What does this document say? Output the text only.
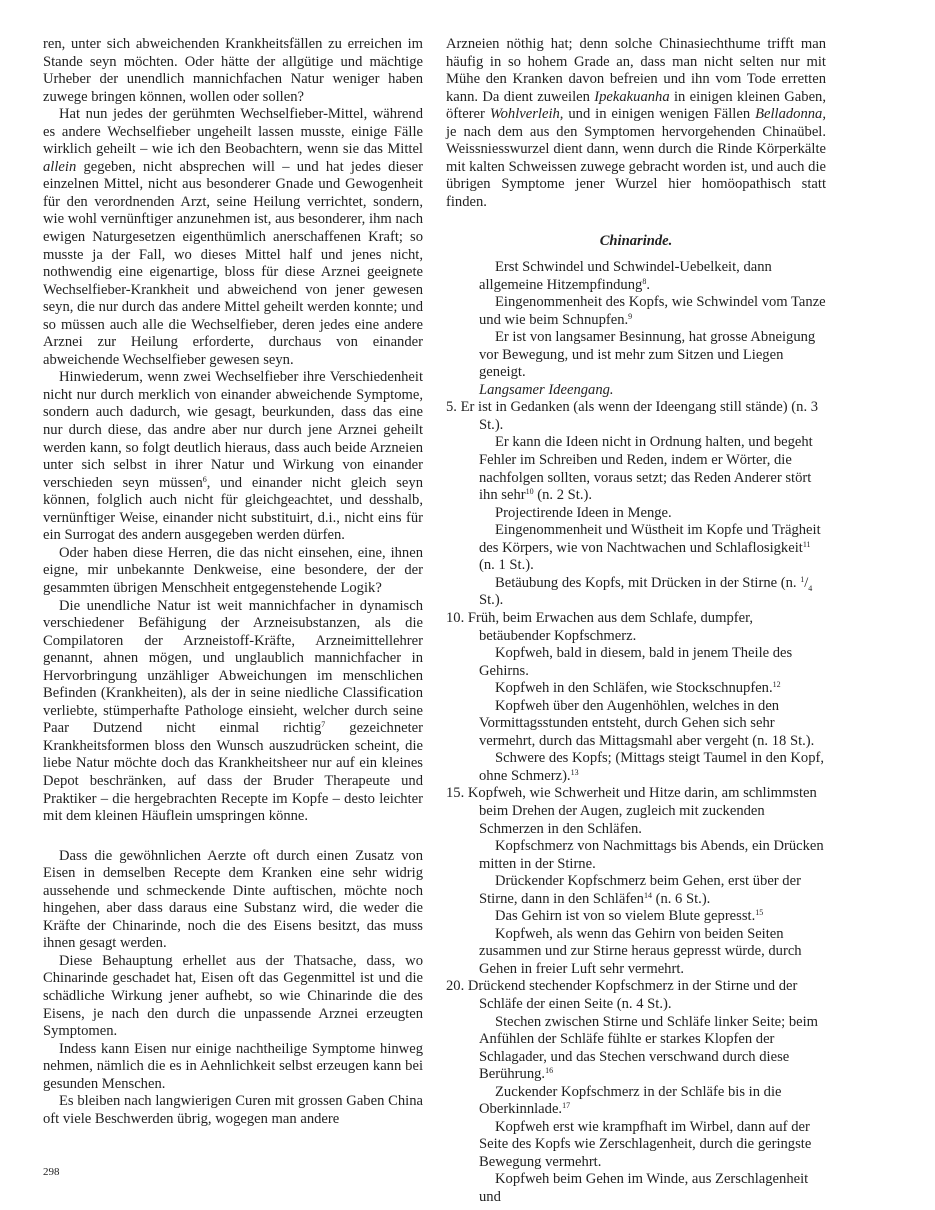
ren, unter sich abweichenden Krankheitsfällen zu erreichen im Stande seyn möchten. Oder hätte der allgütige und mächtige Urheber der unendlich mannichfachen Natur weniger haben zuwege bringen können, wollen oder sollen?

Hat nun jedes der gerühmten Wechselfieber-Mittel, während es andere Wechselfieber ungeheilt lassen musste, einige Fälle wirklich geheilt – wie ich den Beobachtern, wenn sie das Mittel allein gegeben, nicht absprechen will – und hat jedes dieser einzelnen Mittel, nicht aus besonderer Gnade und Gewogenheit für den verordnenden Arzt, seine Heilung verrichtet, sondern, wie wohl vernünftiger anzunehmen ist, aus besonderer, ihm nach ewigen Naturgesetzen eigenthümlich anerschaffenen Kraft; so musste ja der Fall, wo dieses Mittel half und jenes nicht, nothwendig eine eigenartige, bloss für diese Arznei geeignete Wechselfieber-Krankheit und abweichend von jener gewesen seyn, die nur durch das andere Mittel geheilt werden konnte; und so müssen auch alle die Wechselfieber, deren jedes eine andere Arznei zur Heilung erforderte, durchaus von einander abweichende Wechselfieber gewesen seyn.

Hinwiederum, wenn zwei Wechselfieber ihre Verschiedenheit nicht nur durch merklich von einander abweichende Symptome, sondern auch dadurch, wie gesagt, beurkunden, dass das eine nur durch diese, das andre aber nur durch jene Arznei geheilt werden kann, so folgt deutlich hieraus, dass auch beide Arzneien unter sich selbst in ihrer Natur und Wirkung von einander verschieden seyn müssen$^6$, und einander nicht gleich seyn können, folglich auch nicht für gleichgeachtet, und desshalb, vernünftiger Weise, einander nicht substituirt, d.i., nicht eins für ein Surrogat des andern ausgegeben werden dürfen.

Oder haben diese Herren, die das nicht einsehen, eine, ihnen eigne, mir unbekannte Denkweise, eine besondere, der der gesammten übrigen Menschheit entgegenstehende Logik?

Die unendliche Natur ist weit mannichfacher in dynamisch verschiedener Befähigung der Arzneisubstanzen, als die Compilatoren der Arzneistoff-Kräfte, Arzneimittellehrer genannt, ahnen mögen, und unglaublich mannichfacher in Hervorbringung unzähliger Abweichungen im menschlichen Befinden (Krankheiten), als der in seine niedliche Classification verliebte, stümperhafte Pathologe einsieht, welcher durch seine Paar Dutzend nicht einmal richtig$^7$ gezeichneter Krankheitsformen bloss den Wunsch auszudrücken scheint, die liebe Natur möchte doch das Krankheitsheer nur auf ein kleines Depot beschränken, auf dass der Bruder Therapeute und Praktiker – die hergebrachten Recepte im Kopfe – desto leichter mit dem kleinen Häuflein umspringen könne.

Dass die gewöhnlichen Aerzte oft durch einen Zusatz von Eisen in demselben Recepte dem Kranken eine sehr widrig aussehende und schmeckende Dinte auftischen, möchte noch hingehen, aber dass daraus eine Substanz wird, die weder die Kräfte der Chinarinde, noch die des Eisens besitzt, das muss ihnen gesagt werden.

Diese Behauptung erhellet aus der Thatsache, dass, wo Chinarinde geschadet hat, Eisen oft das Gegenmittel ist und die schädliche Wirkung jener aufhebt, so wie Chinarinde die des Eisens, je nach den durch die unpassende Arznei erzeugten Symptomen.

Indess kann Eisen nur einige nachtheilige Symptome hinweg nehmen, nämlich die es in Aehnlichkeit selbst erzeugen kann bei gesunden Menschen.

Es bleiben nach langwierigen Curen mit grossen Gaben China oft viele Beschwerden übrig, wogegen man andere

Arzneien nöthig hat; denn solche Chinasiechthume trifft man häufig in so hohem Grade an, dass man nicht selten nur mit Mühe den Kranken davon befreien und ihn vom Tode erretten kann. Da dient zuweilen Ipekakuanha in einigen kleinen Gaben, öfterer Wohlverleih, und in einigen wenigen Fällen Belladonna, je nach dem aus den Symptomen hervorgehenden Chinaübel. Weissniesswurzel dient dann, wenn durch die Rinde Körperkälte mit kalten Schweissen zuwege gebracht worden ist, und auch die übrigen Symptome jener Wurzel hier homöopathisch statt finden.

Chinarinde.

Erst Schwindel und Schwindel-Uebelkeit, dann allgemeine Hitzempfindung$^8$.

Eingenommenheit des Kopfs, wie Schwindel vom Tanze und wie beim Schnupfen.$^9$

Er ist von langsamer Besinnung, hat grosse Abneigung vor Bewegung, und ist mehr zum Sitzen und Liegen geneigt.

Langsamer Ideengang.

5. Er ist in Gedanken (als wenn der Ideengang still stände) (n. 3 St.).

Er kann die Ideen nicht in Ordnung halten, und begeht Fehler im Schreiben und Reden, indem er Wörter, die nachfolgen sollten, voraus setzt; das Reden Anderer stört ihn sehr$^{10}$ (n. 2 St.).

Projectirende Ideen in Menge.

Eingenommenheit und Wüstheit im Kopfe und Trägheit des Körpers, wie von Nachtwachen und Schlaflosigkeit$^{11}$ (n. 1 St.).

Betäubung des Kopfs, mit Drücken in der Stirne (n. $^1/_4$ St.).

10. Früh, beim Erwachen aus dem Schlafe, dumpfer, betäubender Kopfschmerz.

Kopfweh, bald in diesem, bald in jenem Theile des Gehirns.

Kopfweh in den Schläfen, wie Stockschnupfen.$^{12}$

Kopfweh über den Augenhöhlen, welches in den Vormittagsstunden entsteht, durch Gehen sich sehr vermehrt, durch das Mittagsmahl aber vergeht (n. 18 St.).

Schwere des Kopfs; (Mittags steigt Taumel in den Kopf, ohne Schmerz).$^{13}$

15. Kopfweh, wie Schwerheit und Hitze darin, am schlimmsten beim Drehen der Augen, zugleich mit zuckenden Schmerzen in den Schläfen.

Kopfschmerz von Nachmittags bis Abends, ein Drücken mitten in der Stirne.

Drückender Kopfschmerz beim Gehen, erst über der Stirne, dann in den Schläfen$^{14}$ (n. 6 St.).

Das Gehirn ist von so vielem Blute gepresst.$^{15}$

Kopfweh, als wenn das Gehirn von beiden Seiten zusammen und zur Stirne heraus gepresst würde, durch Gehen in freier Luft sehr vermehrt.

20. Drückend stechender Kopfschmerz in der Stirne und der Schläfe der einen Seite (n. 4 St.).

Stechen zwischen Stirne und Schläfe linker Seite; beim Anfühlen der Schläfe fühlte er starkes Klopfen der Schlagader, und das Stechen verschwand durch diese Berührung.$^{16}$

Zuckender Kopfschmerz in der Schläfe bis in die Oberkinnlade.$^{17}$

Kopfweh erst wie krampfhaft im Wirbel, dann auf der Seite des Kopfs wie Zerschlagenheit, durch die geringste Bewegung vermehrt.

Kopfweh beim Gehen im Winde, aus Zerschlagenheit und

298
